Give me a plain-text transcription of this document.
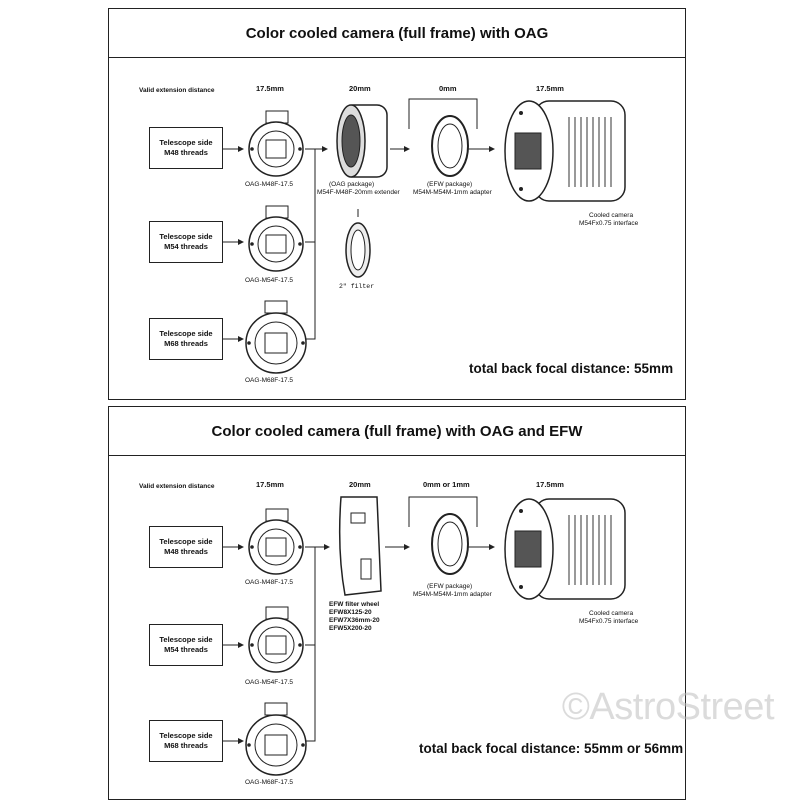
Color cooled camera (full frame) with OAG
Valid extension distance	17.5mm	20mm	0mm	17.5mm
Telescope side
M48 threads
Telescope side
M54 threads
Telescope side
M68 threads
OAG-M48F-17.5
OAG-M54F-17.5
OAG-M68F-17.5
(OAG package)
M54F-M48F-20mm extender
2" filter
(EFW package)
M54M-M54M-1mm adapter
Cooled camera
M54Fx0.75 interface
total back focal distance: 55mm
Color cooled camera (full frame) with OAG and EFW
Valid extension distance	17.5mm	20mm	0mm or 1mm	17.5mm
Telescope side
M48 threads
Telescope side
M54 threads
Telescope side
M68 threads
OAG-M48F-17.5
OAG-M54F-17.5
OAG-M68F-17.5
EFW filter wheel
EFW8X125-20
EFW7X36mm-20
EFW5X200-20
(EFW package)
M54M-M54M-1mm adapter
Cooled camera
M54Fx0.75 interface
total back focal distance: 55mm or 56mm
©AstroStreet
